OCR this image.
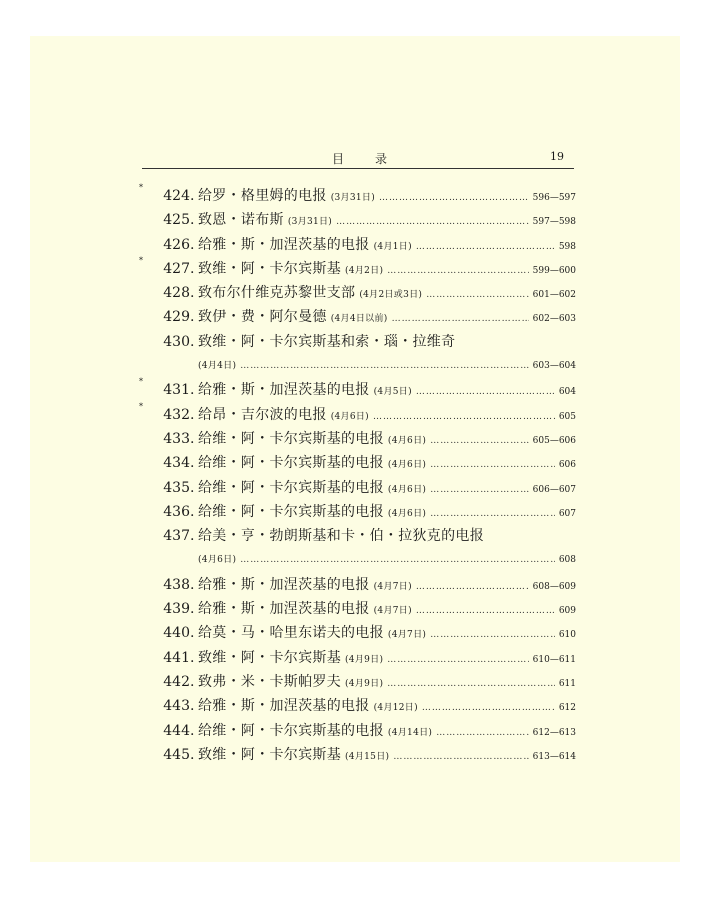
目	录	19
*
424 . 给罗・格里姆的电报 (3月31日) …………………………………………………………………………………………………………………………	596—597
425 . 致恩・诺布斯 (3月31日) …………………………………………………………………………………………………………………………	597—598
426 . 给雅・斯・加涅茨基的电报 (4月1日) …………………………………………………………………………………………………………………………	598
*
427 . 致维・阿・卡尔宾斯基 (4月2日) …………………………………………………………………………………………………………………………	599—600
428 . 致布尔什维克苏黎世支部 (4月2日或3日) …………………………………………………………………………………………………………………………	601—602
429 . 致伊・费・阿尔曼德 (4月4日以前) …………………………………………………………………………………………………………………………	602—603
430 . 致维・阿・卡尔宾斯基和索・瑙・拉维奇
(4月4日) …………………………………………………………………………………………………………………………	603—604
*
431 . 给雅・斯・加涅茨基的电报 (4月5日) …………………………………………………………………………………………………………………………	604
*
432 . 给昂・吉尔波的电报 (4月6日) …………………………………………………………………………………………………………………………	605
433 . 给维・阿・卡尔宾斯基的电报 (4月6日) …………………………………………………………………………………………………………………………	605—606
434 . 给维・阿・卡尔宾斯基的电报 (4月6日) …………………………………………………………………………………………………………………………	606
435 . 给维・阿・卡尔宾斯基的电报 (4月6日) …………………………………………………………………………………………………………………………	606—607
436 . 给维・阿・卡尔宾斯基的电报 (4月6日) …………………………………………………………………………………………………………………………	607
437 . 给美・亨・勃朗斯基和卡・伯・拉狄克的电报
(4月6日) …………………………………………………………………………………………………………………………	608
438 . 给雅・斯・加涅茨基的电报 (4月7日) …………………………………………………………………………………………………………………………	608—609
439 . 给雅・斯・加涅茨基的电报 (4月7日) …………………………………………………………………………………………………………………………	609
440 . 给莫・马・哈里东诺夫的电报 (4月7日) …………………………………………………………………………………………………………………………	610
441 . 致维・阿・卡尔宾斯基 (4月9日) …………………………………………………………………………………………………………………………	610—611
442 . 致弗・米・卡斯帕罗夫 (4月9日) …………………………………………………………………………………………………………………………	611
443 . 给雅・斯・加涅茨基的电报 (4月12日) …………………………………………………………………………………………………………………………	612
444 . 给维・阿・卡尔宾斯基的电报 (4月14日) …………………………………………………………………………………………………………………………	612—613
445 . 致维・阿・卡尔宾斯基 (4月15日) …………………………………………………………………………………………………………………………	613—614
